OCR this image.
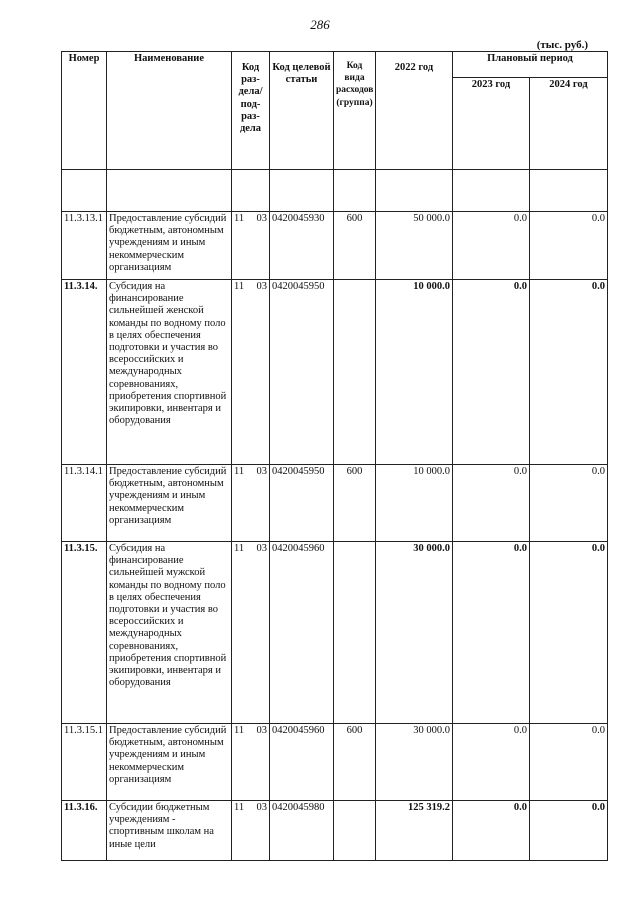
286
(тыс. руб.)
Номер	Наименование	Код раз-дела/ под-раз-дела	Код целевой статьи	Код вида расходов (группа)	2022 год	Плановый период	
						2023 год	2024 год

11.3.13.1	Предоставление субсидий бюджетным, автономным учреждениям и иным некоммерческим организациям	11 03	0420045930	600	50 000.0	0.0	0.0
11.3.14.	Субсидия на финансирование сильнейшей женской команды по водному поло в целях обеспечения подготовки и участия во всероссийских и международных соревнованиях, приобретения спортивной экипировки, инвентаря и оборудования	11 03	0420045950		10 000.0	0.0	0.0
11.3.14.1	Предоставление субсидий бюджетным, автономным учреждениям и иным некоммерческим организациям	11 03	0420045950	600	10 000.0	0.0	0.0
11.3.15.	Субсидия на финансирование сильнейшей мужской команды по водному поло в целях обеспечения подготовки и участия во всероссийских и международных соревнованиях, приобретения спортивной экипировки, инвентаря и оборудования	11 03	0420045960		30 000.0	0.0	0.0
11.3.15.1	Предоставление субсидий бюджетным, автономным учреждениям и иным некоммерческим организациям	11 03	0420045960	600	30 000.0	0.0	0.0
11.3.16.	Субсидии бюджетным учреждениям - спортивным школам на иные цели	11 03	0420045980		125 319.2	0.0	0.0
